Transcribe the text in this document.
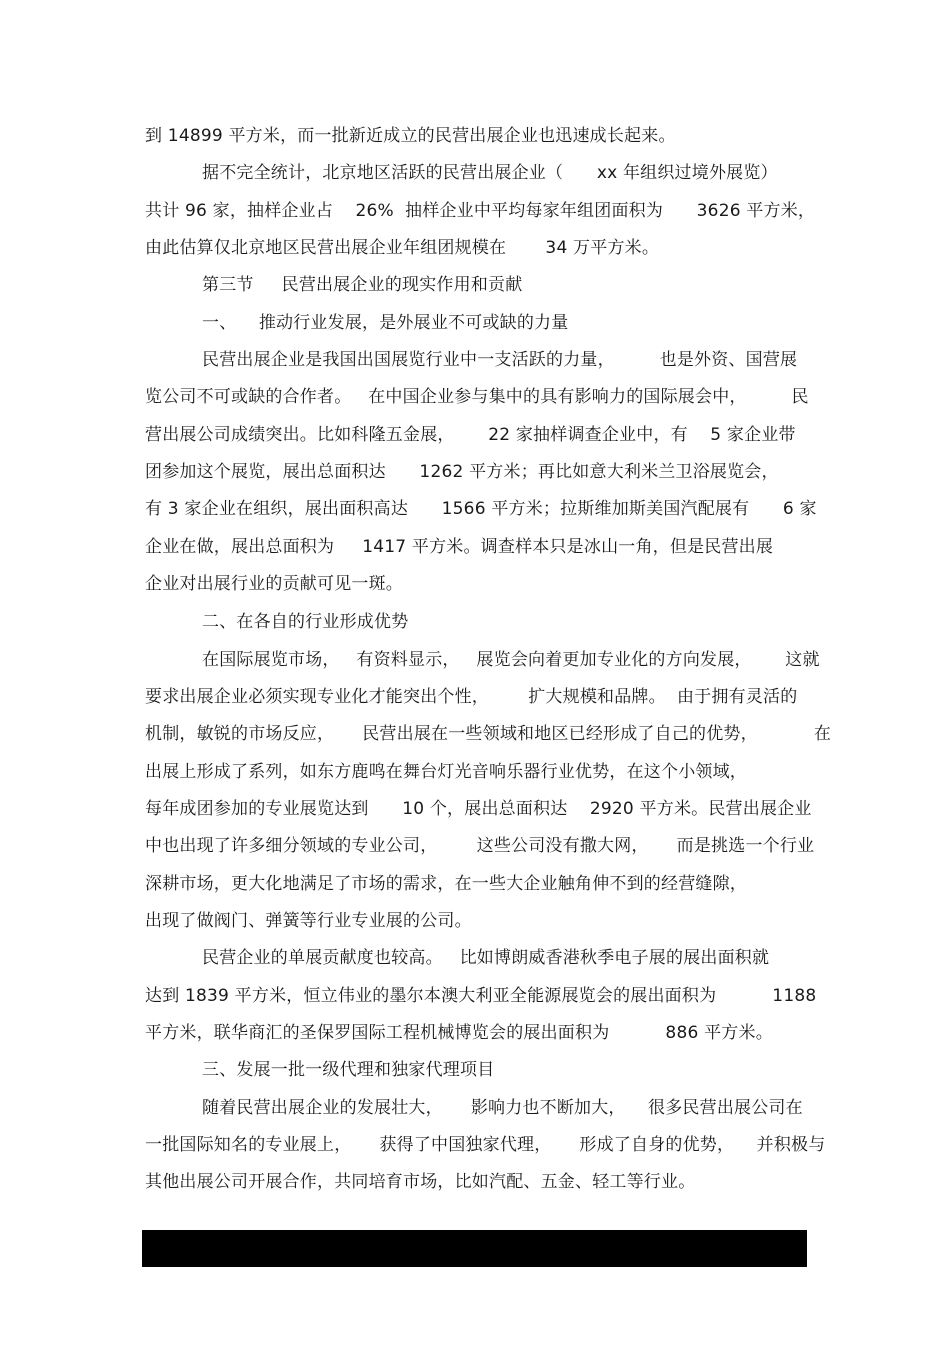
到 14899 平方米，而一批新近成立的民营出展企业也迅速成长起来。
据不完全统计，北京地区活跃的民营出展企业（      xx 年组织过境外展览）
共计 96 家，抽样企业占    26%  抽样企业中平均每家年组团面积为      3626 平方米，
由此估算仅北京地区民营出展企业年组团规模在       34 万平方米。
第三节     民营出展企业的现实作用和贡献
一、    推动行业发展，是外展业不可或缺的力量
民营出展企业是我国出国展览行业中一支活跃的力量，        也是外资、国营展
览公司不可或缺的合作者。   在中国企业参与集中的具有影响力的国际展会中，        民
营出展公司成绩突出。比如科隆五金展，      22 家抽样调查企业中，有    5 家企业带
团参加这个展览，展出总面积达      1262 平方米；再比如意大利米兰卫浴展览会，
有 3 家企业在组织，展出面积高达      1566 平方米；拉斯维加斯美国汽配展有      6 家
企业在做，展出总面积为     1417 平方米。调查样本只是冰山一角，但是民营出展
企业对出展行业的贡献可见一斑。
二、在各自的行业形成优势
在国际展览市场，   有资料显示，   展览会向着更加专业化的方向发展，      这就
要求出展企业必须实现专业化才能突出个性，       扩大规模和品牌。  由于拥有灵活的
机制，敏锐的市场反应，     民营出展在一些领域和地区已经形成了自己的优势，          在
出展上形成了系列，如东方鹿鸣在舞台灯光音响乐器行业优势，在这个小领域，
每年成团参加的专业展览达到      10 个，展出总面积达    2920 平方米。民营出展企业
中也出现了许多细分领域的专业公司，       这些公司没有撒大网，     而是挑选一个行业
深耕市场，更大化地满足了市场的需求，在一些大企业触角伸不到的经营缝隙，
出现了做阀门、弹簧等行业专业展的公司。
民营企业的单展贡献度也较高。   比如博朗威香港秋季电子展的展出面积就
达到 1839 平方米，恒立伟业的墨尔本澳大利亚全能源展览会的展出面积为          1188
平方米，联华商汇的圣保罗国际工程机械博览会的展出面积为          886 平方米。
三、发展一批一级代理和独家代理项目
随着民营出展企业的发展壮大，     影响力也不断加大，    很多民营出展公司在
一批国际知名的专业展上，     获得了中国独家代理，     形成了自身的优势，    并积极与
其他出展公司开展合作，共同培育市场，比如汽配、五金、轻工等行业。
